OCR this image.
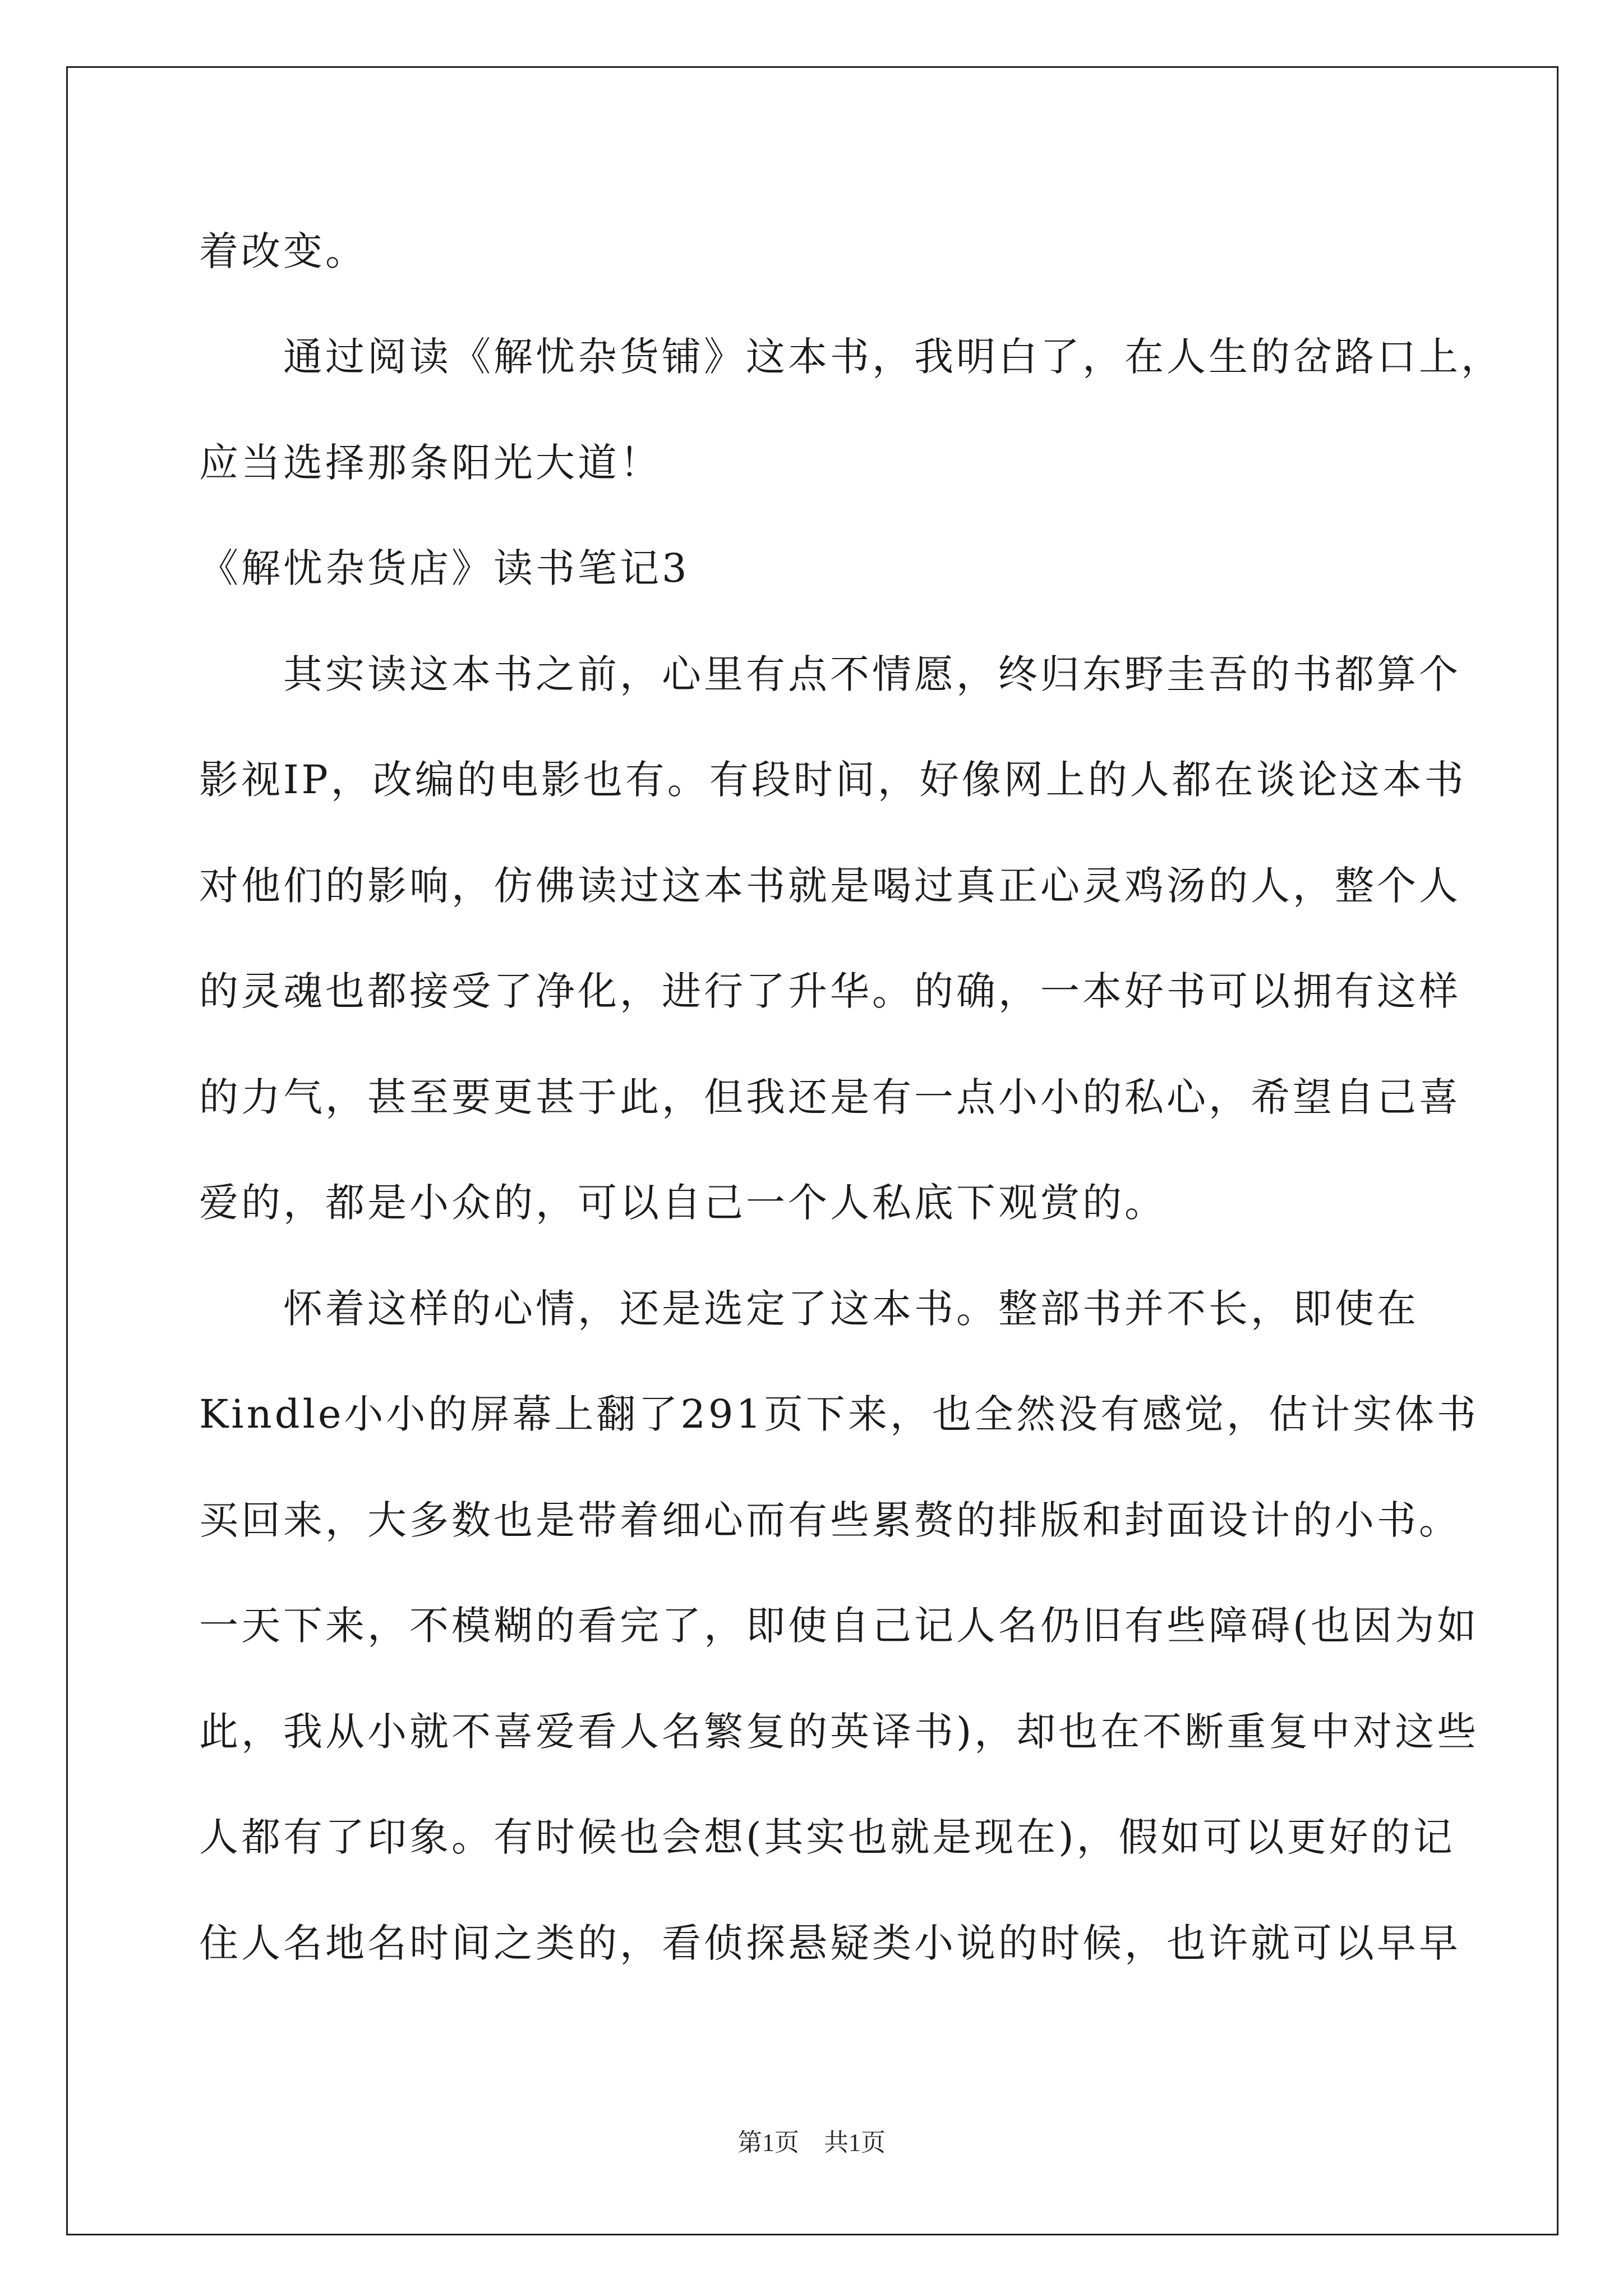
着改变。
通过阅读《解忧杂货铺》这本书，我明白了，在人生的岔路口上，
应当选择那条阳光大道！
《解忧杂货店》读书笔记3
其实读这本书之前，心里有点不情愿，终归东野圭吾的书都算个
影视IP，改编的电影也有。有段时间，好像网上的人都在谈论这本书
对他们的影响，仿佛读过这本书就是喝过真正心灵鸡汤的人，整个人
的灵魂也都接受了净化，进行了升华。的确，一本好书可以拥有这样
的力气，甚至要更甚于此，但我还是有一点小小的私心，希望自己喜
爱的，都是小众的，可以自己一个人私底下观赏的。
怀着这样的心情，还是选定了这本书。整部书并不长，即使在
Kindle小小的屏幕上翻了291页下来，也全然没有感觉，估计实体书
买回来，大多数也是带着细心而有些累赘的排版和封面设计的小书。
一天下来，不模糊的看完了，即使自己记人名仍旧有些障碍(也因为如
此，我从小就不喜爱看人名繁复的英译书)，却也在不断重复中对这些
人都有了印象。有时候也会想(其实也就是现在)，假如可以更好的记
住人名地名时间之类的，看侦探悬疑类小说的时候，也许就可以早早
第1页　共1页
